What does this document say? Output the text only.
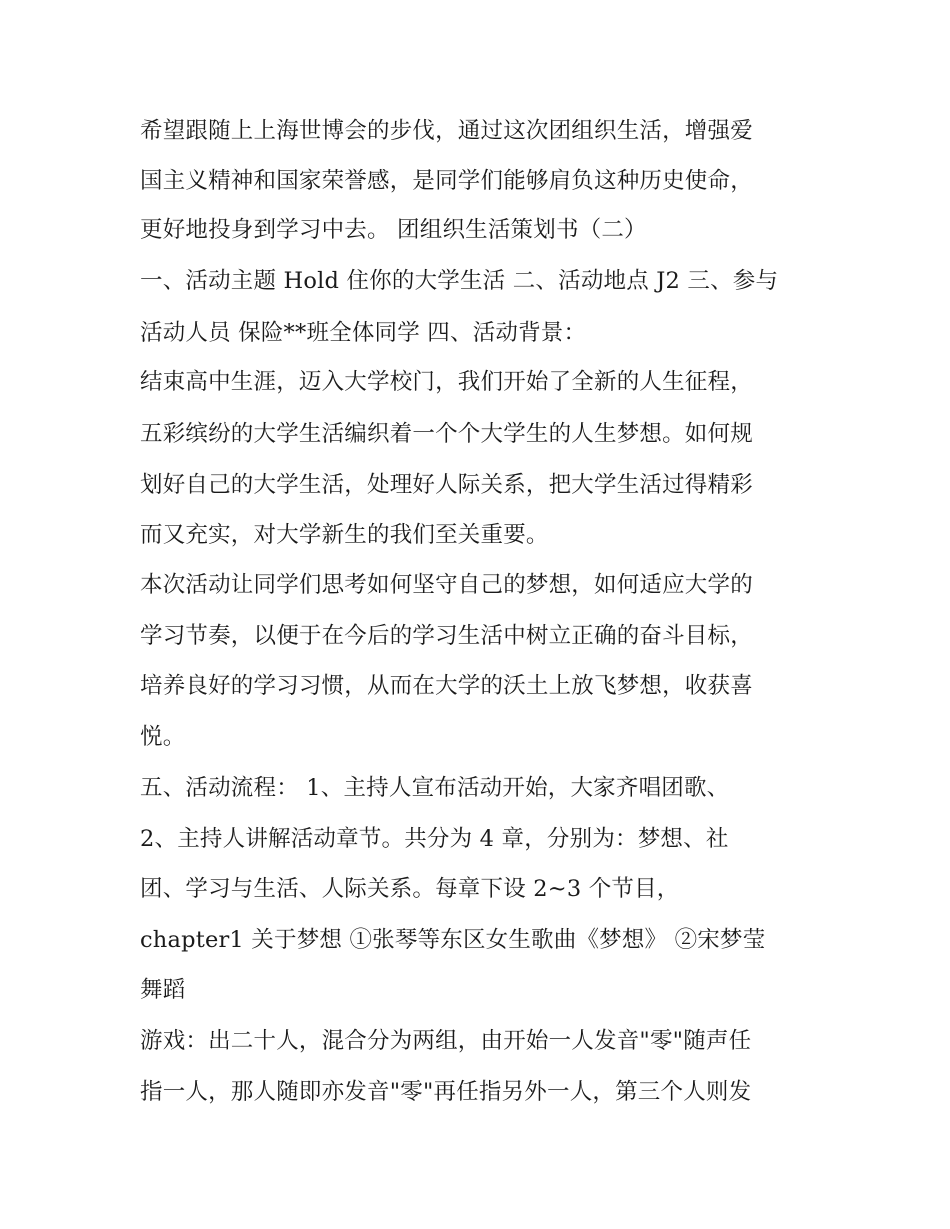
希望跟随上上海世博会的步伐，通过这次团组织生活，增强爱
国主义精神和国家荣誉感，是同学们能够肩负这种历史使命，
更好地投身到学习中去。 团组织生活策划书（二）
一、活动主题 Hold 住你的大学生活 二、活动地点 J2 三、参与
活动人员 保险**班全体同学 四、活动背景：
结束高中生涯，迈入大学校门，我们开始了全新的人生征程，
五彩缤纷的大学生活编织着一个个大学生的人生梦想。如何规
划好自己的大学生活，处理好人际关系，把大学生活过得精彩
而又充实，对大学新生的我们至关重要。
本次活动让同学们思考如何坚守自己的梦想，如何适应大学的
学习节奏，以便于在今后的学习生活中树立正确的奋斗目标，
培养良好的学习习惯，从而在大学的沃土上放飞梦想，收获喜
悦。
五、活动流程： 1、主持人宣布活动开始，大家齐唱团歌、
2、主持人讲解活动章节。共分为 4 章，分别为：梦想、社
团、学习与生活、人际关系。每章下设 2~3 个节目，
chapter1 关于梦想 ①张琴等东区女生歌曲《梦想》 ②宋梦莹
舞蹈
游戏：出二十人，混合分为两组，由开始一人发音"零"随声任
指一人，那人随即亦发音"零"再任指另外一人，第三个人则发
